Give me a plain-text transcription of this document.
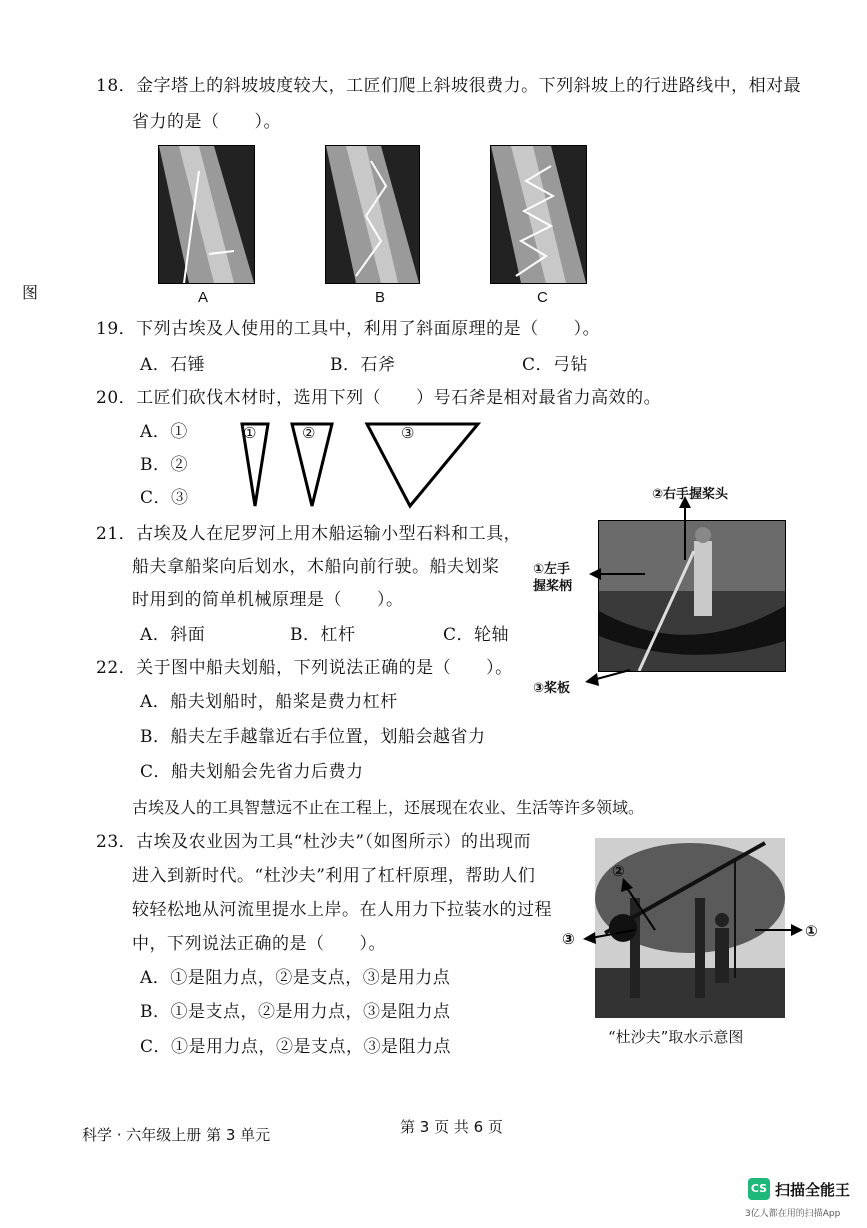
18．金字塔上的斜坡坡度较大，工匠们爬上斜坡很费力。下列斜坡上的行进路线中，相对最
省力的是（　　）。
A	B	C
图
19．下列古埃及人使用的工具中，利用了斜面原理的是（　　）。
A．石锤	B．石斧	C．弓钻
20．工匠们砍伐木材时，选用下列（　　）号石斧是相对最省力高效的。
A．①
B．②
C．③
①	②	③
21．古埃及人在尼罗河上用木船运输小型石料和工具，
船夫拿船桨向后划水，木船向前行驶。船夫划桨
时用到的简单机械原理是（　　）。
A．斜面	B．杠杆	C．轮轴
②右手握桨头
①左手
握桨柄
③桨板
22．关于图中船夫划船，下列说法正确的是（　　）。
A．船夫划船时，船桨是费力杠杆
B．船夫左手越靠近右手位置，划船会越省力
C．船夫划船会先省力后费力
古埃及人的工具智慧远不止在工程上，还展现在农业、生活等许多领域。
23．古埃及农业因为工具“杜沙夫”（如图所示）的出现而
进入到新时代。“杜沙夫”利用了杠杆原理，帮助人们
较轻松地从河流里提水上岸。在人用力下拉装水的过程
中，下列说法正确的是（　　）。
A．①是阻力点，②是支点，③是用力点
B．①是支点，②是用力点，③是阻力点
C．①是用力点，②是支点，③是阻力点
②
③	①
“杜沙夫”取水示意图
科学 · 六年级上册 第 3 单元	第 3 页 共 6 页
CS 扫描全能王
3亿人都在用的扫描App
